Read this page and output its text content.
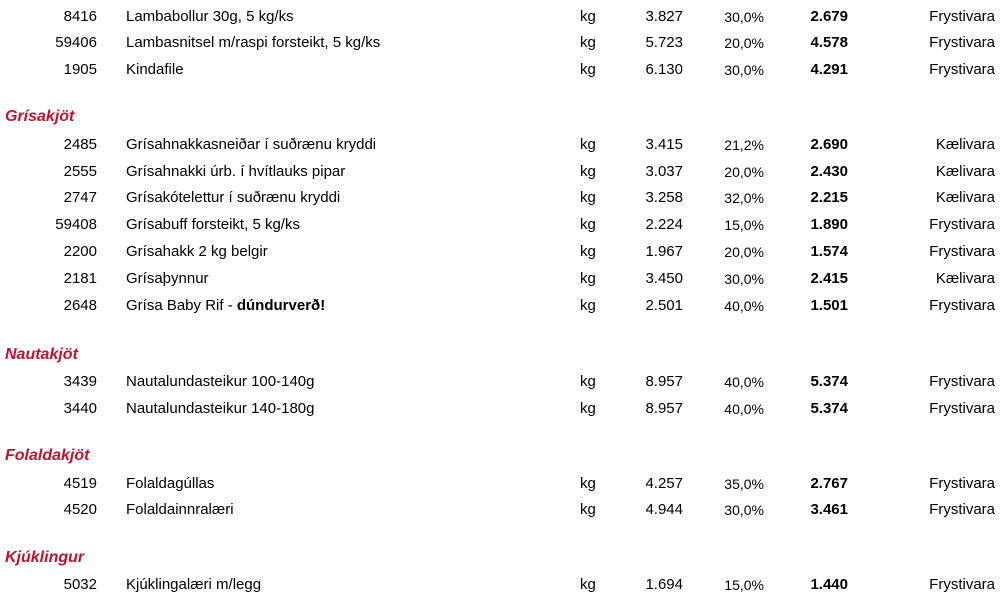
8416 Lambabollur 30g, 5 kg/ks	kg	3.827	30,0%	2.679	Frystivara
59406 Lambasnitsel m/raspi forsteikt, 5 kg/ks	kg	5.723	20,0%	4.578	Frystivara
1905 Kindafile	kg	6.130	30,0%	4.291	Frystivara
Grísakjöt
2485 Grísahnakkasneiðar í suðrænu kryddi	kg	3.415	21,2%	2.690	Kælivara
2555 Grísahnakki úrb. í hvítlauks pipar	kg	3.037	20,0%	2.430	Kælivara
2747 Grísakótelettur í suðrænu kryddi	kg	3.258	32,0%	2.215	Kælivara
59408 Grísabuff forsteikt, 5 kg/ks	kg	2.224	15,0%	1.890	Frystivara
2200 Grísahakk 2 kg belgir	kg	1.967	20,0%	1.574	Frystivara
2181 Grísaþynnur	kg	3.450	30,0%	2.415	Kælivara
2648 Grísa Baby Rif - dúndurverð!	kg	2.501	40,0%	1.501	Frystivara
Nautakjöt
3439 Nautalundasteikur 100-140g	kg	8.957	40,0%	5.374	Frystivara
3440 Nautalundasteikur 140-180g	kg	8.957	40,0%	5.374	Frystivara
Folaldakjöt
4519 Folaldagúllas	kg	4.257	35,0%	2.767	Frystivara
4520 Folaldainnralæri	kg	4.944	30,0%	3.461	Frystivara
Kjúklingur
5032 Kjúklingalæri m/legg	kg	1.694	15,0%	1.440	Frystivara
